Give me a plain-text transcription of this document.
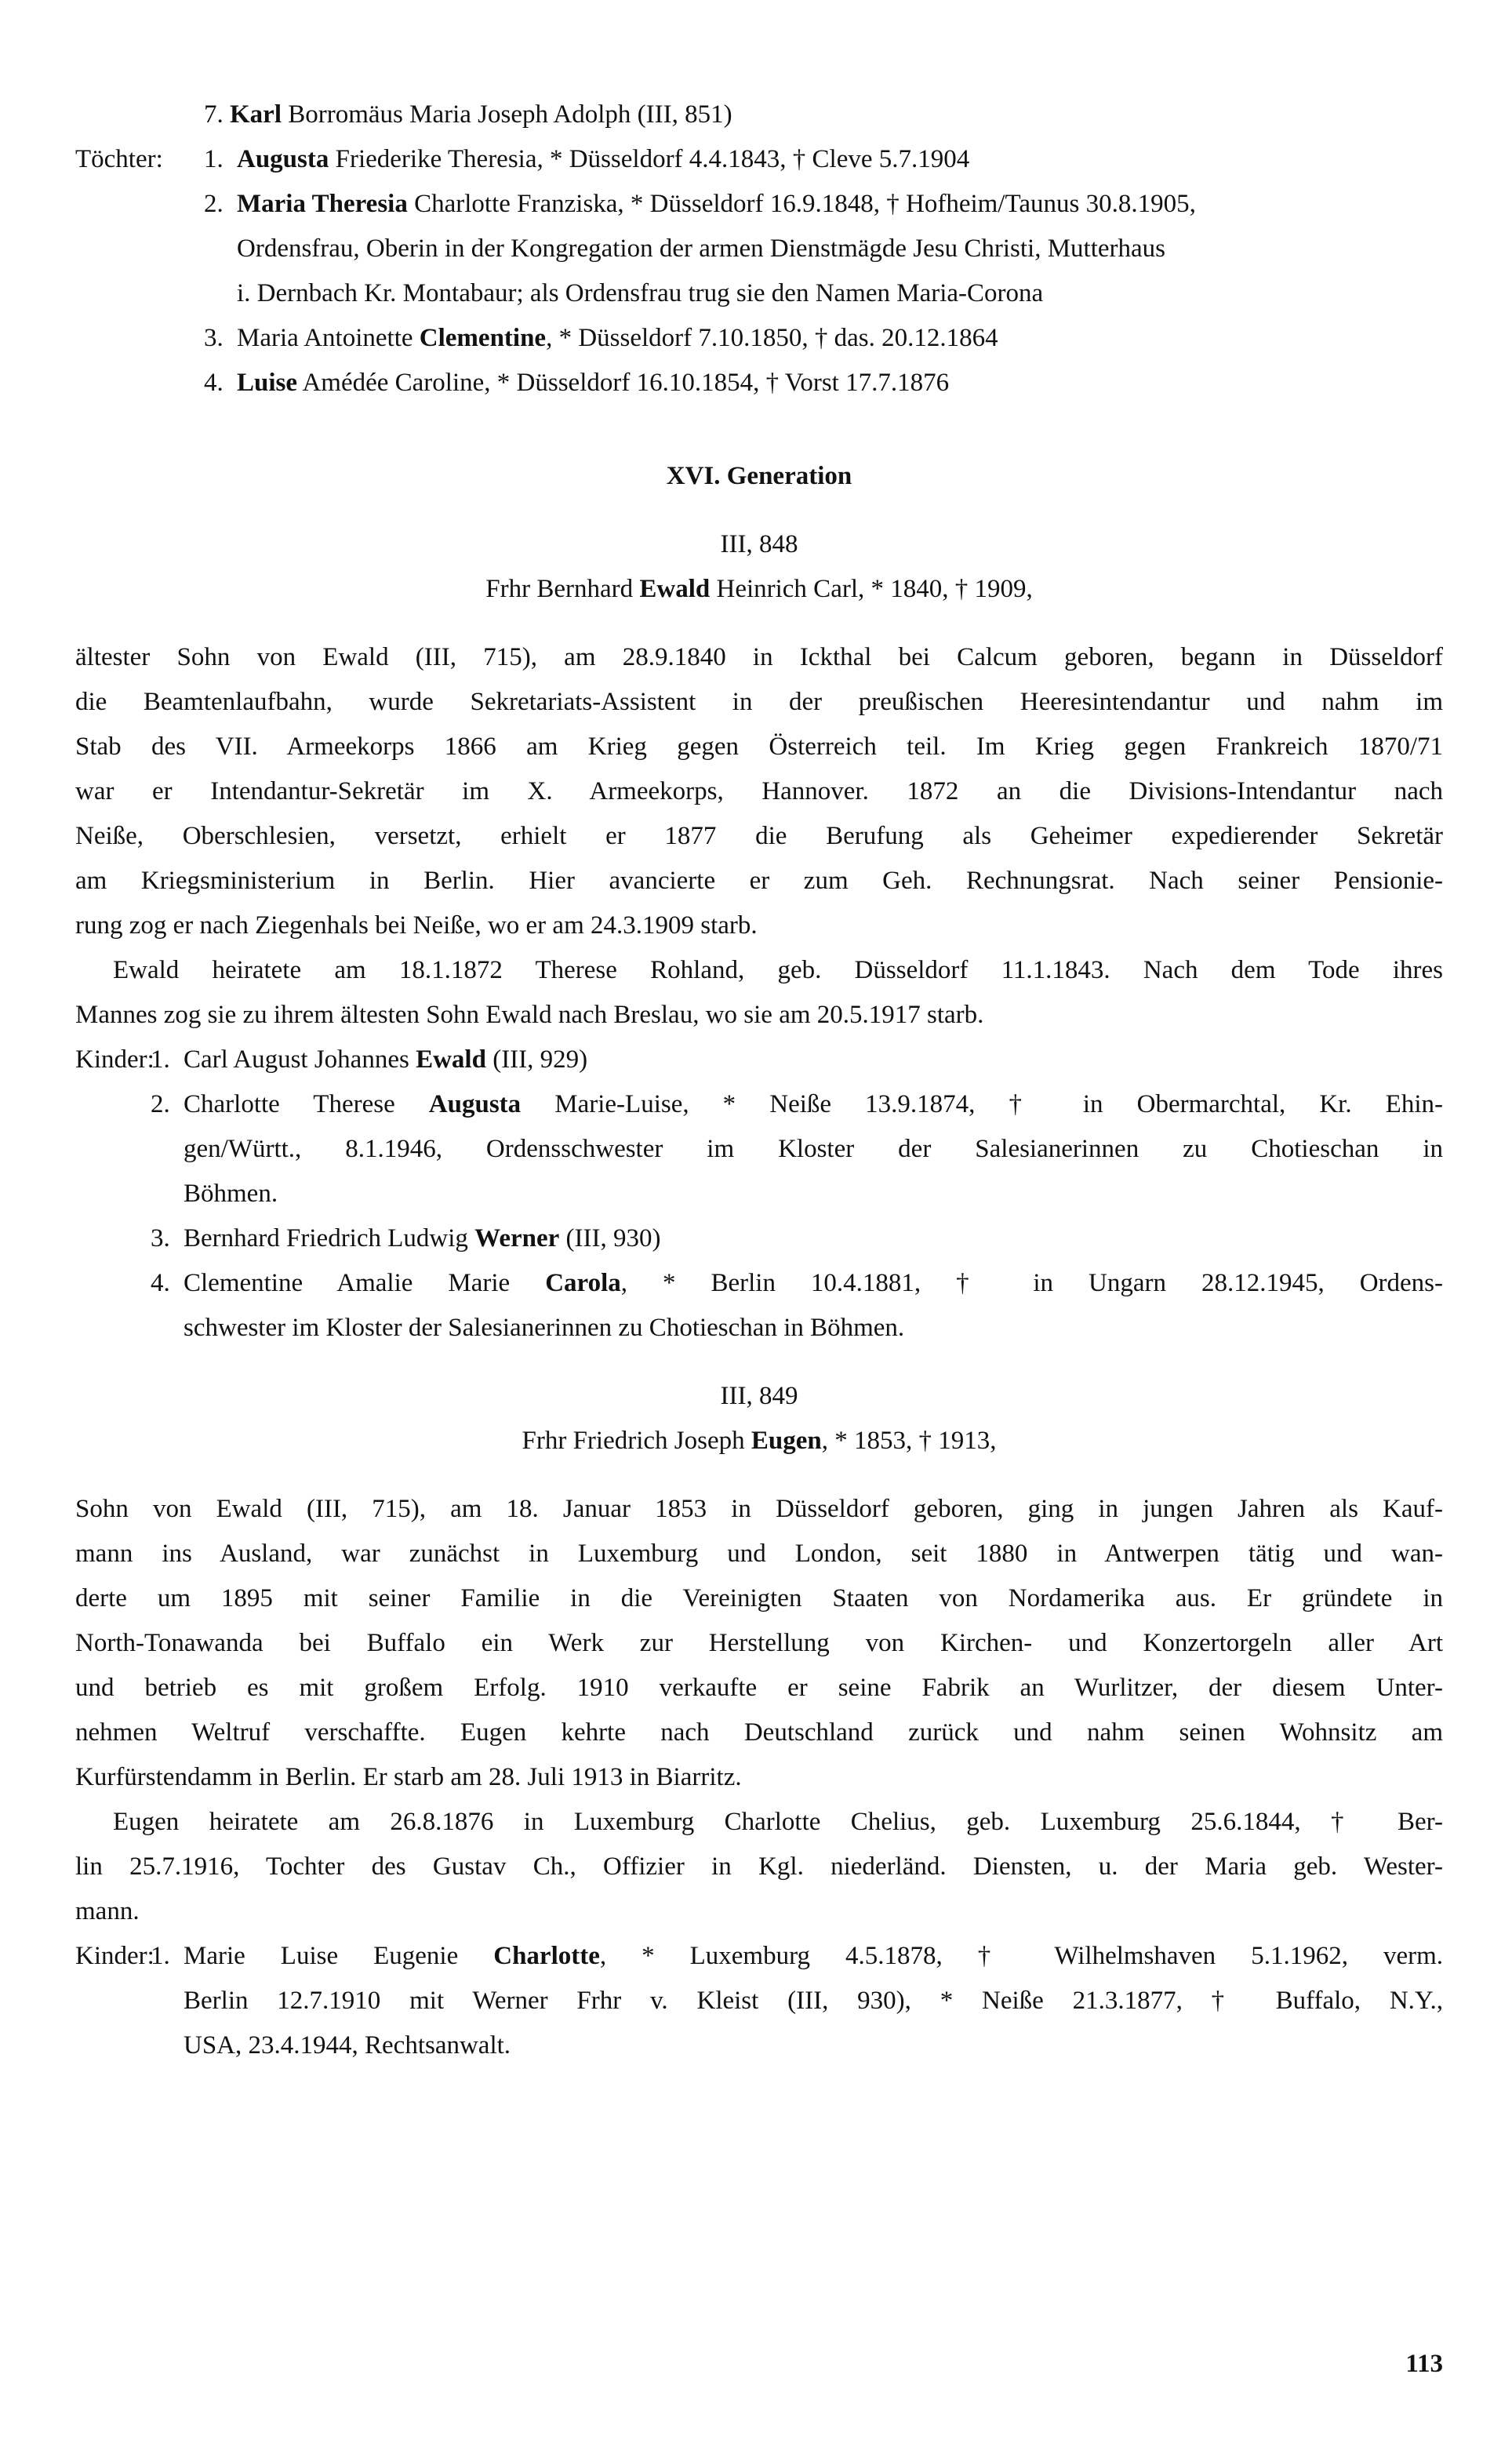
7. Karl Borromäus Maria Joseph Adolph (III, 851)
Töchter:	1. Augusta Friederike Theresia, * Düsseldorf 4.4.1843, † Cleve 5.7.1904
2. Maria Theresia Charlotte Franziska, * Düsseldorf 16.9.1848, † Hofheim/Taunus 30.8.1905,
Ordensfrau, Oberin in der Kongregation der armen Dienstmägde Jesu Christi, Mutterhaus
i. Dernbach Kr. Montabaur; als Ordensfrau trug sie den Namen Maria-Corona
3. Maria Antoinette Clementine, * Düsseldorf 7.10.1850, † das. 20.12.1864
4. Luise Amédée Caroline, * Düsseldorf 16.10.1854, † Vorst 17.7.1876
XVI. Generation
III, 848
Frhr Bernhard Ewald Heinrich Carl, * 1840, † 1909,
ältester Sohn von Ewald (III, 715), am 28.9.1840 in Ickthal bei Calcum geboren, begann in Düsseldorf
die Beamtenlaufbahn, wurde Sekretariats-Assistent in der preußischen Heeresintendantur und nahm im
Stab des VII. Armeekorps 1866 am Krieg gegen Österreich teil. Im Krieg gegen Frankreich 1870/71
war er Intendantur-Sekretär im X. Armeekorps, Hannover. 1872 an die Divisions-Intendantur nach
Neiße, Oberschlesien, versetzt, erhielt er 1877 die Berufung als Geheimer expedierender Sekretär
am Kriegsministerium in Berlin. Hier avancierte er zum Geh. Rechnungsrat. Nach seiner Pensionie-
rung zog er nach Ziegenhals bei Neiße, wo er am 24.3.1909 starb.
Ewald heiratete am 18.1.1872 Therese Rohland, geb. Düsseldorf 11.1.1843. Nach dem Tode ihres
Mannes zog sie zu ihrem ältesten Sohn Ewald nach Breslau, wo sie am 20.5.1917 starb.
Kinder:
1. Carl August Johannes Ewald (III, 929)
2. Charlotte Therese Augusta Marie-Luise, * Neiße 13.9.1874, † in Obermarchtal, Kr. Ehin-
gen/Württ., 8.1.1946, Ordensschwester im Kloster der Salesianerinnen zu Chotieschan in
Böhmen.
3. Bernhard Friedrich Ludwig Werner (III, 930)
4. Clementine Amalie Marie Carola, * Berlin 10.4.1881, † in Ungarn 28.12.1945, Ordens-
schwester im Kloster der Salesianerinnen zu Chotieschan in Böhmen.
III, 849
Frhr Friedrich Joseph Eugen, * 1853, † 1913,
Sohn von Ewald (III, 715), am 18. Januar 1853 in Düsseldorf geboren, ging in jungen Jahren als Kauf-
mann ins Ausland, war zunächst in Luxemburg und London, seit 1880 in Antwerpen tätig und wan-
derte um 1895 mit seiner Familie in die Vereinigten Staaten von Nordamerika aus. Er gründete in
North-Tonawanda bei Buffalo ein Werk zur Herstellung von Kirchen- und Konzertorgeln aller Art
und betrieb es mit großem Erfolg. 1910 verkaufte er seine Fabrik an Wurlitzer, der diesem Unter-
nehmen Weltruf verschaffte. Eugen kehrte nach Deutschland zurück und nahm seinen Wohnsitz am
Kurfürstendamm in Berlin. Er starb am 28. Juli 1913 in Biarritz.
Eugen heiratete am 26.8.1876 in Luxemburg Charlotte Chelius, geb. Luxemburg 25.6.1844, † Ber-
lin 25.7.1916, Tochter des Gustav Ch., Offizier in Kgl. niederländ. Diensten, u. der Maria geb. Wester-
mann.
Kinder:
1. Marie Luise Eugenie Charlotte, * Luxemburg 4.5.1878, † Wilhelmshaven 5.1.1962, verm.
Berlin 12.7.1910 mit Werner Frhr v. Kleist (III, 930), * Neiße 21.3.1877, † Buffalo, N.Y.,
USA, 23.4.1944, Rechtsanwalt.
113
